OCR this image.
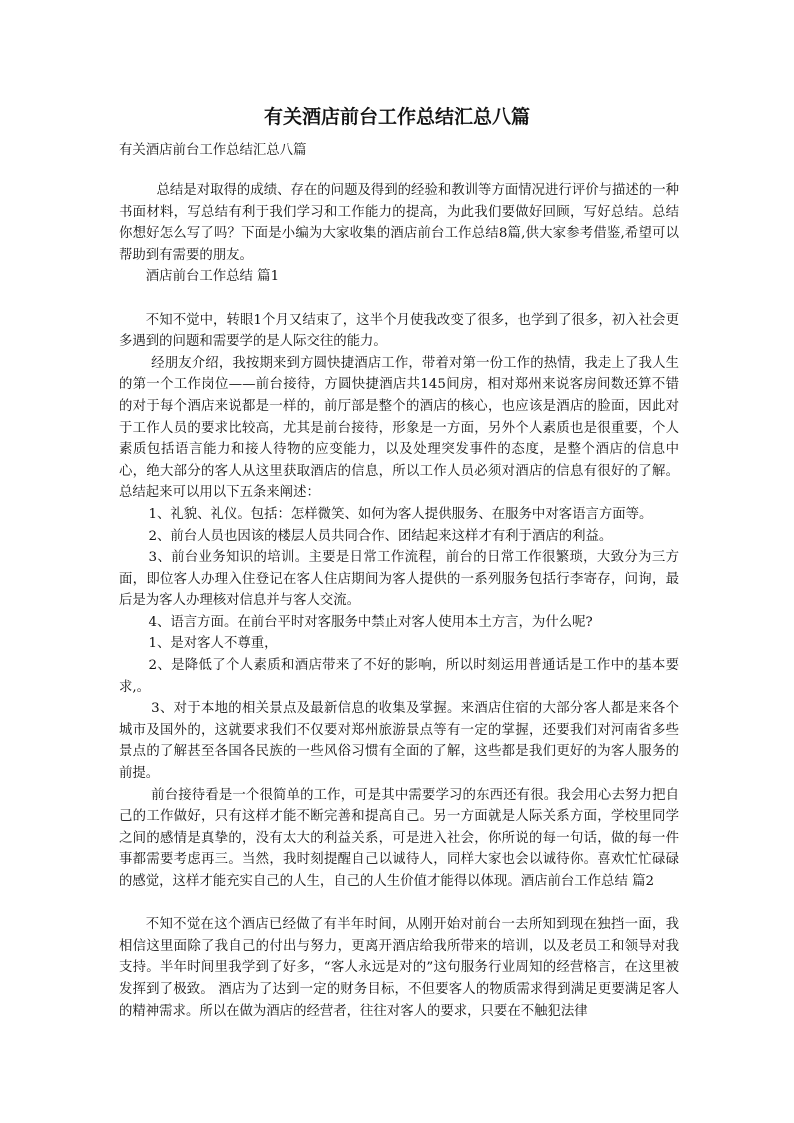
有关酒店前台工作总结汇总八篇
有关酒店前台工作总结汇总八篇

总结是对取得的成绩、存在的问题及得到的经验和教训等方面情况进行评价与描述的一种书面材料，写总结有利于我们学习和工作能力的提高，为此我们要做好回顾，写好总结。总结你想好怎么写了吗？下面是小编为大家收集的酒店前台工作总结8篇,供大家参考借鉴,希望可以帮助到有需要的朋友。

酒店前台工作总结 篇1

不知不觉中，转眼1个月又结束了，这半个月使我改变了很多，也学到了很多，初入社会更多遇到的问题和需要学的是人际交往的能力。

经朋友介绍，我按期来到方圆快捷酒店工作，带着对第一份工作的热情，我走上了我人生的第一个工作岗位——前台接待，方圆快捷酒店共145间房，相对郑州来说客房间数还算不错的对于每个酒店来说都是一样的，前厅部是整个的酒店的核心，也应该是酒店的脸面，因此对于工作人员的要求比较高，尤其是前台接待，形象是一方面，另外个人素质也是很重要，个人素质包括语言能力和接人待物的应变能力，以及处理突发事件的态度，是整个酒店的信息中心，绝大部分的客人从这里获取酒店的信息，所以工作人员必须对酒店的信息有很好的了解。总结起来可以用以下五条来阐述：

1、礼貌、礼仪。包括：怎样微笑、如何为客人提供服务、在服务中对客语言方面等。

2、前台人员也因该的楼层人员共同合作、团结起来这样才有利于酒店的利益。

3、前台业务知识的培训。主要是日常工作流程，前台的日常工作很繁琐，大致分为三方面，即位客人办理入住登记在客人住店期间为客人提供的一系列服务包括行李寄存，问询，最后是为客人办理核对信息并与客人交流。

4、语言方面。在前台平时对客服务中禁止对客人使用本土方言，为什么呢?

1、是对客人不尊重，

2、是降低了个人素质和酒店带来了不好的影响，所以时刻运用普通话是工作中的基本要求,。

3、对于本地的相关景点及最新信息的收集及掌握。来酒店住宿的大部分客人都是来各个城市及国外的，这就要求我们不仅要对郑州旅游景点等有一定的掌握，还要我们对河南省多些景点的了解甚至各国各民族的一些风俗习惯有全面的了解，这些都是我们更好的为客人服务的前提。

前台接待看是一个很简单的工作，可是其中需要学习的东西还有很。我会用心去努力把自己的工作做好，只有这样才能不断完善和提高自己。另一方面就是人际关系方面，学校里同学之间的感情是真挚的，没有太大的利益关系，可是进入社会，你所说的每一句话，做的每一件事都需要考虑再三。当然，我时刻提醒自己以诚待人，同样大家也会以诚待你。喜欢忙忙碌碌的感觉，这样才能充实自己的人生，自己的人生价值才能得以体现。酒店前台工作总结 篇2

不知不觉在这个酒店已经做了有半年时间，从刚开始对前台一去所知到现在独挡一面，我相信这里面除了我自己的付出与努力，更离开酒店给我所带来的培训，以及老员工和领导对我支持。半年时间里我学到了好多，“客人永远是对的”这句服务行业周知的经营格言，在这里被发挥到了极致。 酒店为了达到一定的财务目标，不但要客人的物质需求得到满足更要满足客人的精神需求。所以在做为酒店的经营者，往往对客人的要求，只要在不触犯法律
